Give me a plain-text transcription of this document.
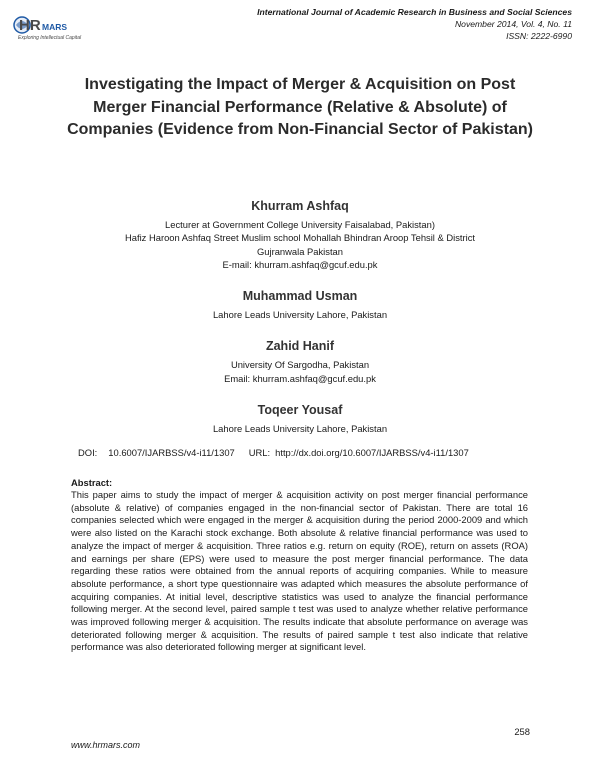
HR MARS
Exploring Intellectual Capital
International Journal of Academic Research in Business and Social Sciences
November 2014, Vol. 4, No. 11
ISSN: 2222-6990
Investigating the Impact of Merger & Acquisition on Post Merger Financial Performance (Relative & Absolute) of Companies (Evidence from Non-Financial Sector of Pakistan)
Khurram Ashfaq
Lecturer at Government College University Faisalabad, Pakistan)
Hafiz Haroon Ashfaq Street Muslim school Mohallah Bhindran Aroop Tehsil & District
Gujranwala Pakistan
E-mail: khurram.ashfaq@gcuf.edu.pk
Muhammad Usman
Lahore Leads University Lahore, Pakistan
Zahid Hanif
University Of Sargodha, Pakistan
Email: khurram.ashfaq@gcuf.edu.pk
Toqeer Yousaf
Lahore Leads University Lahore, Pakistan
DOI: 10.6007/IJARBSS/v4-i11/1307 URL: http://dx.doi.org/10.6007/IJARBSS/v4-i11/1307
Abstract:
This paper aims to study the impact of merger & acquisition activity on post merger financial performance (absolute & relative) of companies engaged in the non-financial sector of Pakistan. There are total 16 companies selected which were engaged in the merger & acquisition during the period 2000-2009 and which were also listed on the Karachi stock exchange. Both absolute & relative financial performance was used to analyze the impact of merger & acquisition. Three ratios e.g. return on equity (ROE), return on assets (ROA) and earnings per share (EPS) were used to measure the post merger financial performance. The data regarding these ratios were obtained from the annual reports of acquiring companies. While to measure absolute performance, a short type questionnaire was adapted which measures the absolute performance of acquiring companies. At initial level, descriptive statistics was used to analyze the financial performance following merger. At the second level, paired sample t test was used to analyze whether relative performance was improved following merger & acquisition. The results indicate that absolute performance on average was deteriorated following merger & acquisition. The results of paired sample t test also indicate that relative performance was also deteriorated following merger at significant level.
258
www.hrmars.com
